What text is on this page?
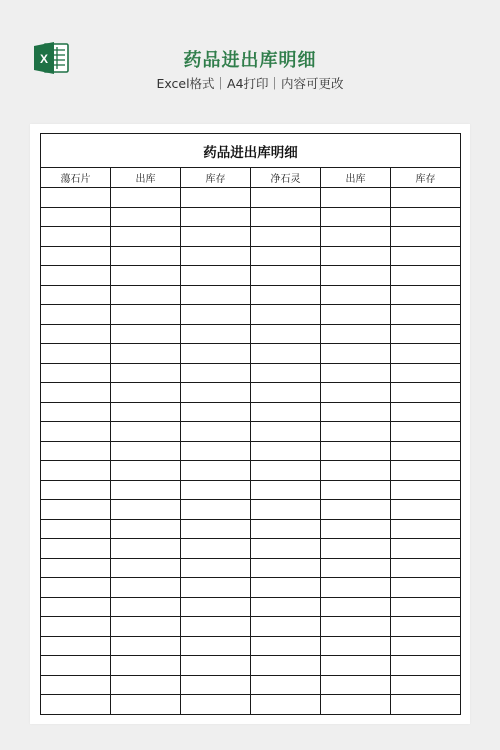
X	药品进出库明细
Excel格式｜A4打印｜内容可更改
药品进出库明细					
蕩石片	出库	库存	净石灵	出库	库存
